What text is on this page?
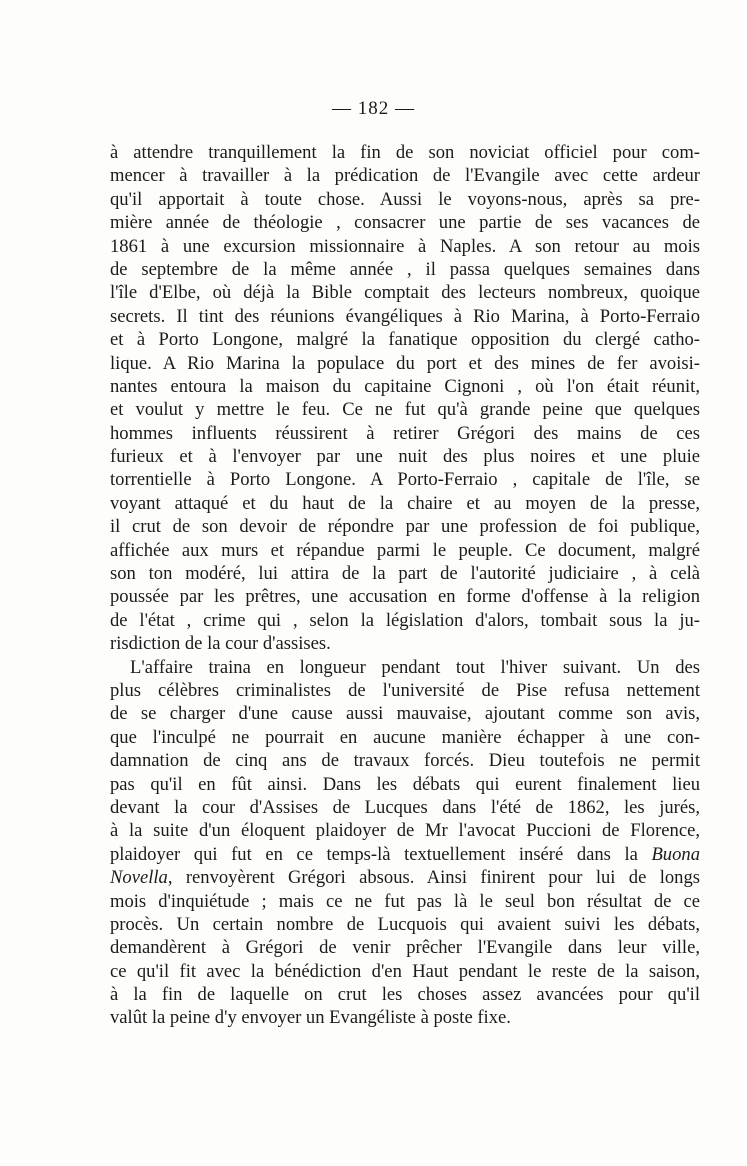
— 182 —
à attendre tranquillement la fin de son noviciat officiel pour com-
mencer à travailler à la prédication de l'Evangile avec cette ardeur
qu'il apportait à toute chose. Aussi le voyons-nous, après sa pre-
mière année de théologie , consacrer une partie de ses vacances de
1861 à une excursion missionnaire à Naples. A son retour au mois
de septembre de la même année , il passa quelques semaines dans
l'île d'Elbe, où déjà la Bible comptait des lecteurs nombreux, quoique
secrets. Il tint des réunions évangéliques à Rio Marina, à Porto-Ferraio
et à Porto Longone, malgré la fanatique opposition du clergé catho-
lique. A Rio Marina la populace du port et des mines de fer avoisi-
nantes entoura la maison du capitaine Cignoni , où l'on était réunit,
et voulut y mettre le feu. Ce ne fut qu'à grande peine que quelques
hommes influents réussirent à retirer Grégori des mains de ces
furieux et à l'envoyer par une nuit des plus noires et une pluie
torrentielle à Porto Longone. A Porto-Ferraio , capitale de l'île, se
voyant attaqué et du haut de la chaire et au moyen de la presse,
il crut de son devoir de répondre par une profession de foi publique,
affichée aux murs et répandue parmi le peuple. Ce document, malgré
son ton modéré, lui attira de la part de l'autorité judiciaire , à celà
poussée par les prêtres, une accusation en forme d'offense à la religion
de l'état , crime qui , selon la législation d'alors, tombait sous la ju-
risdiction de la cour d'assises.
L'affaire traina en longueur pendant tout l'hiver suivant. Un des
plus célèbres criminalistes de l'université de Pise refusa nettement
de se charger d'une cause aussi mauvaise, ajoutant comme son avis,
que l'inculpé ne pourrait en aucune manière échapper à une con-
damnation de cinq ans de travaux forcés. Dieu toutefois ne permit
pas qu'il en fût ainsi. Dans les débats qui eurent finalement lieu
devant la cour d'Assises de Lucques dans l'été de 1862, les jurés,
à la suite d'un éloquent plaidoyer de Mr l'avocat Puccioni de Florence,
plaidoyer qui fut en ce temps-là textuellement inséré dans la Buona
Novella, renvoyèrent Grégori absous. Ainsi finirent pour lui de longs
mois d'inquiétude ; mais ce ne fut pas là le seul bon résultat de ce
procès. Un certain nombre de Lucquois qui avaient suivi les débats,
demandèrent à Grégori de venir prêcher l'Evangile dans leur ville,
ce qu'il fit avec la bénédiction d'en Haut pendant le reste de la saison,
à la fin de laquelle on crut les choses assez avancées pour qu'il
valût la peine d'y envoyer un Evangéliste à poste fixe.
